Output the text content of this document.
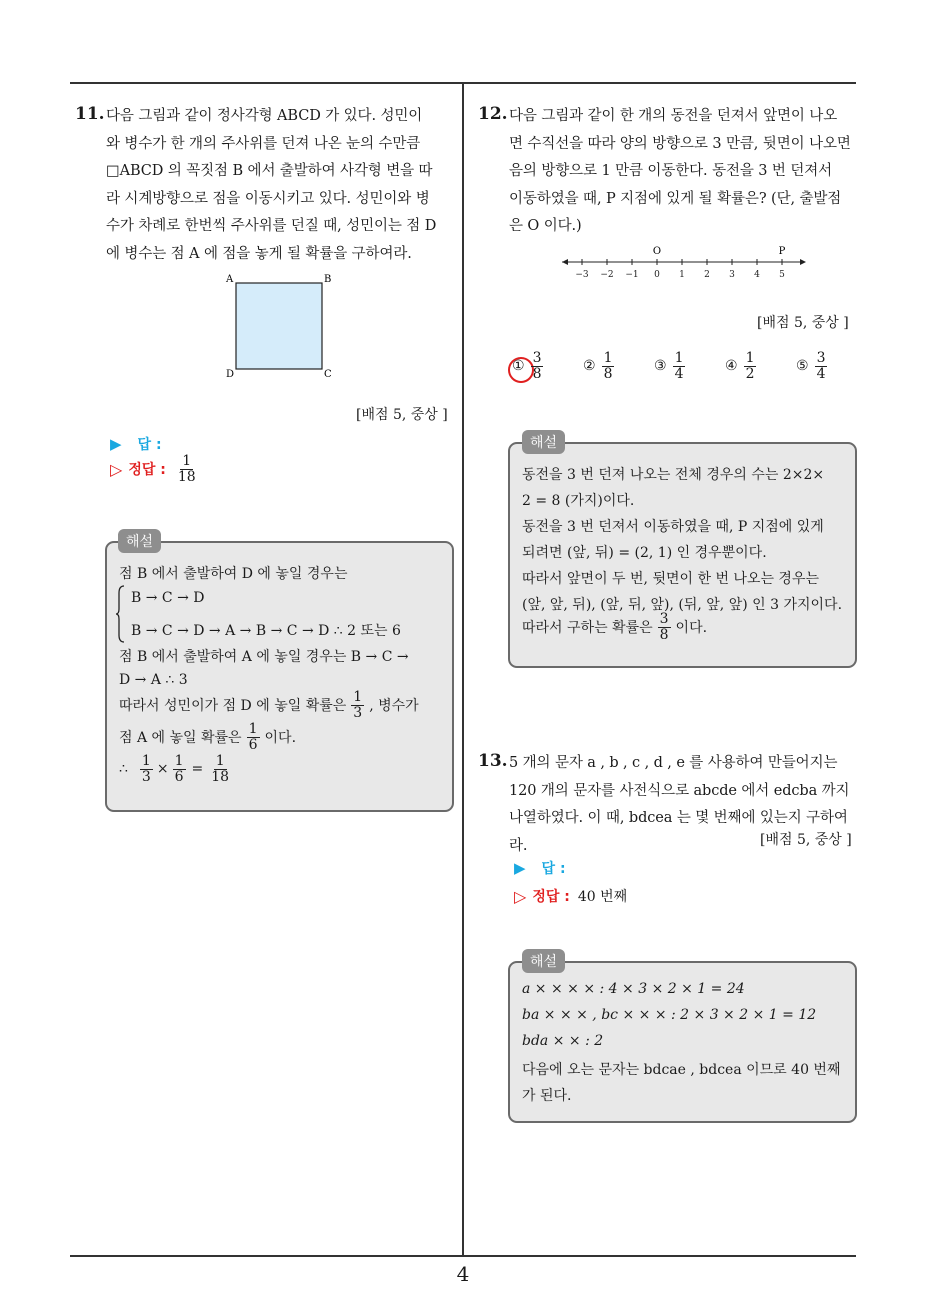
4
11. 다음 그림과 같이 정사각형 ABCD 가 있다. 성민이
와 병수가 한 개의 주사위를 던져 나온 눈의 수만큼
□ABCD 의 꼭짓점 B 에서 출발하여 사각형 변을 따
라 시계방향으로 점을 이동시키고 있다. 성민이와 병
수가 차례로 한번씩 주사위를 던질 때, 성민이는 점 D
에 병수는 점 A 에 점을 놓게 될 확률을 구하여라.
A	B
C
D
[배점 5, 중상 ]
▶ 답 :
▷ 정답 : $\frac{1}{18}$
해설
점 B 에서 출발하여 D 에 놓일 경우는
B → C → D
B → C → D → A → B → C → D ∴ 2 또는 6
점 B 에서 출발하여 A 에 놓일 경우는 B → C →
D → A ∴ 3
따라서 성민이가 점 D 에 놓일 확률은 $\frac{1}{3}$ , 병수가
점 A 에 놓일 확률은 $\frac{1}{6}$ 이다.
∴ $\frac{1}{3} \times \frac{1}{6} = \frac{1}{18}$
12. 다음 그림과 같이 한 개의 동전을 던져서 앞면이 나오
면 수직선을 따라 양의 방향으로 3 만큼, 뒷면이 나오면
음의 방향으로 1 만큼 이동한다. 동전을 3 번 던져서
이동하였을 때, P 지점에 있게 될 확률은? (단, 출발점
은 O 이다.)
−3 −2 −1 0 1 2 3 4 5
O	P
[배점 5, 중상 ]
① $\frac{3}{8}$	② $\frac{1}{8}$	③ $\frac{1}{4}$	④ $\frac{1}{2}$	⑤ $\frac{3}{4}$
해설
동전을 3 번 던져 나오는 전체 경우의 수는 2×2×
2 = 8 (가지)이다.
동전을 3 번 던져서 이동하였을 때, P 지점에 있게
되려면 (앞, 뒤) = (2, 1) 인 경우뿐이다.
따라서 앞면이 두 번, 뒷면이 한 번 나오는 경우는
(앞, 앞, 뒤), (앞, 뒤, 앞), (뒤, 앞, 앞) 인 3 가지이다.
따라서 구하는 확률은 $\frac{3}{8}$ 이다.
13. 5 개의 문자 a , b , c , d , e 를 사용하여 만들어지는
120 개의 문자를 사전식으로 abcde 에서 edcba 까지
나열하였다. 이 때, bdcea 는 몇 번째에 있는지 구하여
라.	[배점 5, 중상 ]
▶ 답 :
▷ 정답 : 40 번째
해설
a × × × × : 4 × 3 × 2 × 1 = 24
ba × × × , bc × × × : 2 × 3 × 2 × 1 = 12
bda × × : 2
다음에 오는 문자는 bdcae , bdcea 이므로 40 번째
가 된다.
